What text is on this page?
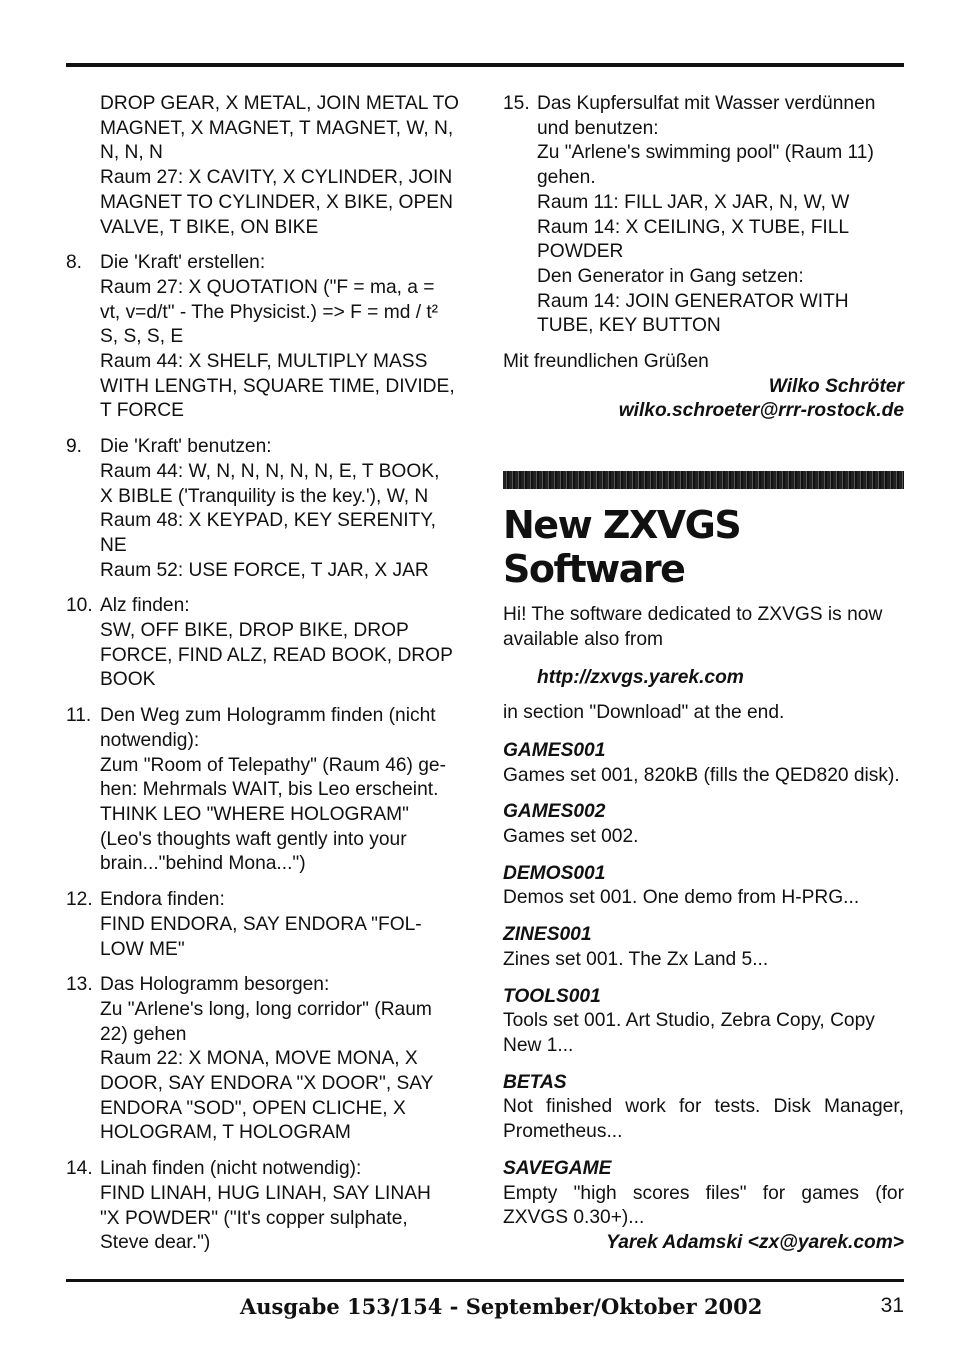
DROP GEAR, X METAL, JOIN METAL TO
MAGNET, X MAGNET, T MAGNET, W, N,
N, N, N
Raum 27: X CAVITY, X CYLINDER, JOIN
MAGNET TO CYLINDER, X BIKE, OPEN
VALVE, T BIKE, ON BIKE
8. Die 'Kraft' erstellen:
Raum 27: X QUOTATION ("F = ma, a =
vt, v=d/t" - The Physicist.) => F = md / t²
S, S, S, E
Raum 44: X SHELF, MULTIPLY MASS
WITH LENGTH, SQUARE TIME, DIVIDE,
T FORCE
9. Die 'Kraft' benutzen:
Raum 44: W, N, N, N, N, N, E, T BOOK,
X BIBLE ('Tranquility is the key.'), W, N
Raum 48: X KEYPAD, KEY SERENITY,
NE
Raum 52: USE FORCE, T JAR, X JAR
10. Alz finden:
SW, OFF BIKE, DROP BIKE, DROP
FORCE, FIND ALZ, READ BOOK, DROP
BOOK
11. Den Weg zum Hologramm finden (nicht
notwendig):
Zum "Room of Telepathy" (Raum 46) ge-
hen: Mehrmals WAIT, bis Leo erscheint.
THINK LEO "WHERE HOLOGRAM"
(Leo's thoughts waft gently into your
brain..."behind Mona...")
12. Endora finden:
FIND ENDORA, SAY ENDORA "FOL-
LOW ME"
13. Das Hologramm besorgen:
Zu "Arlene's long, long corridor" (Raum
22) gehen
Raum 22: X MONA, MOVE MONA, X
DOOR, SAY ENDORA "X DOOR", SAY
ENDORA "SOD", OPEN CLICHE, X
HOLOGRAM, T HOLOGRAM
14. Linah finden (nicht notwendig):
FIND LINAH, HUG LINAH, SAY LINAH
"X POWDER" ("It's copper sulphate,
Steve dear.")
15. Das Kupfersulfat mit Wasser verdünnen
und benutzen:
Zu "Arlene's swimming pool" (Raum 11)
gehen.
Raum 11: FILL JAR, X JAR, N, W, W
Raum 14: X CEILING, X TUBE, FILL
POWDER
Den Generator in Gang setzen:
Raum 14: JOIN GENERATOR WITH
TUBE, KEY BUTTON
Mit freundlichen Grüßen
Wilko Schröter
wilko.schroeter@rrr-rostock.de
New ZXVGS Software

Hi! The software dedicated to ZXVGS is now available also from

http://zxvgs.yarek.com

in section "Download" at the end.

GAMES001
Games set 001, 820kB (fills the QED820 disk).
GAMES002
Games set 002.
DEMOS001
Demos set 001. One demo from H-PRG...
ZINES001
Zines set 001. The Zx Land 5...
TOOLS001
Tools set 001. Art Studio, Zebra Copy, Copy New 1...
BETAS
Not finished work for tests. Disk Manager, Prometheus...
SAVEGAME
Empty "high scores files" for games (for ZXVGS 0.30+)...
Yarek Adamski <zx@yarek.com>
Ausgabe 153/154 - September/Oktober 2002	31
